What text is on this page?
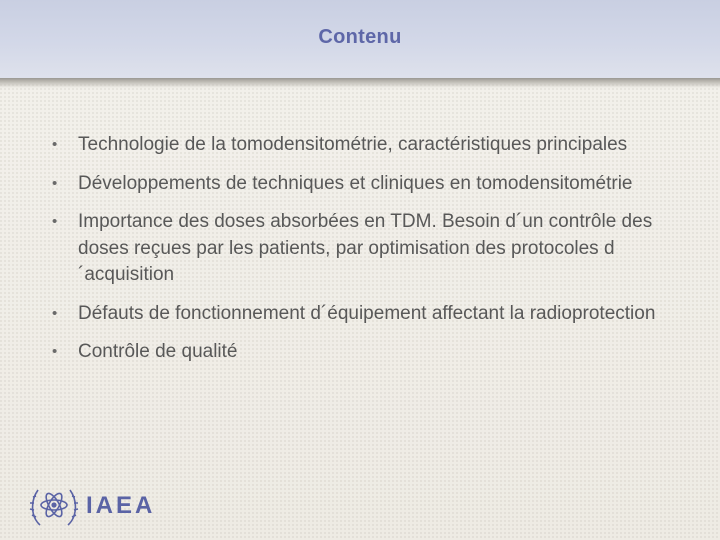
Contenu
• Technologie de la tomodensitométrie, caractéristiques principales
• Développements de techniques et cliniques en tomodensitométrie
• Importance des doses absorbées en TDM. Besoin d´un contrôle des doses reçues par les patients, par optimisation des protocoles d´acquisition
• Défauts de fonctionnement d´équipement affectant la radioprotection
• Contrôle de qualité
IAEA
